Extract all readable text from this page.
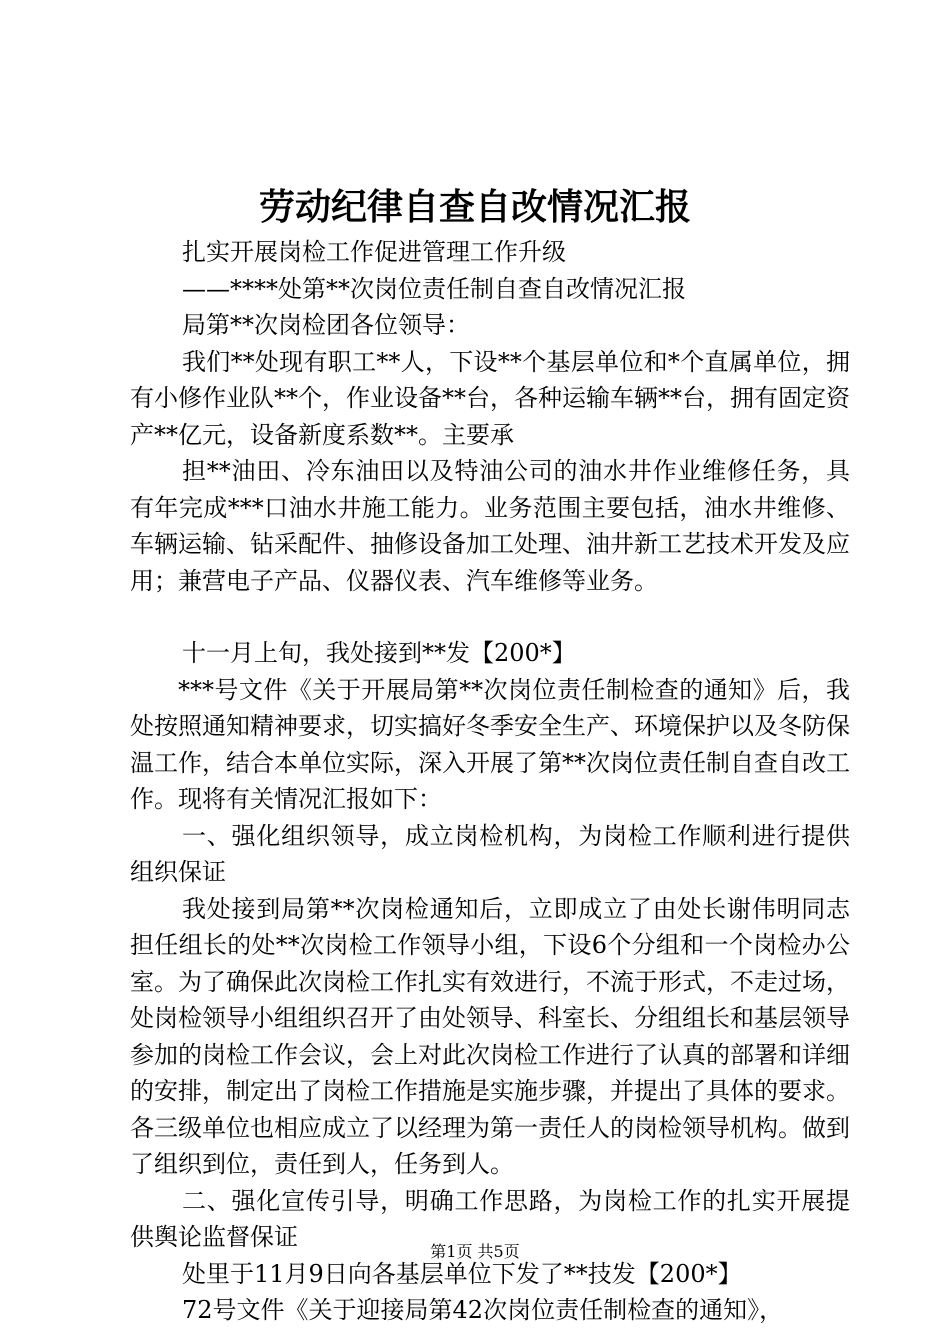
劳动纪律自查自改情况汇报

扎实开展岗检工作促进管理工作升级

——****处第**次岗位责任制自查自改情况汇报

局第**次岗检团各位领导：

我们**处现有职工**人，下设**个基层单位和*个直属单位，拥有小修作业队**个，作业设备**台，各种运输车辆**台，拥有固定资产**亿元，设备新度系数**。主要承

担**油田、冷东油田以及特油公司的油水井作业维修任务，具有年完成***口油水井施工能力。业务范围主要包括，油水井维修、车辆运输、钻采配件、抽修设备加工处理、油井新工艺技术开发及应用；兼营电子产品、仪器仪表、汽车维修等业务。

十一月上旬，我处接到**发【200*】

***号文件《关于开展局第**次岗位责任制检查的通知》后，我处按照通知精神要求，切实搞好冬季安全生产、环境保护以及冬防保温工作，结合本单位实际，深入开展了第**次岗位责任制自查自改工作。现将有关情况汇报如下：

一、强化组织领导，成立岗检机构，为岗检工作顺利进行提供组织保证

我处接到局第**次岗检通知后，立即成立了由处长谢伟明同志担任组长的处**次岗检工作领导小组，下设6个分组和一个岗检办公室。为了确保此次岗检工作扎实有效进行，不流于形式，不走过场，处岗检领导小组组织召开了由处领导、科室长、分组组长和基层领导参加的岗检工作会议，会上对此次岗检工作进行了认真的部署和详细的安排，制定出了岗检工作措施是实施步骤，并提出了具体的要求。各三级单位也相应成立了以经理为第一责任人的岗检领导机构。做到了组织到位，责任到人，任务到人。

二、强化宣传引导，明确工作思路，为岗检工作的扎实开展提供舆论监督保证

处里于11月9日向各基层单位下发了**技发【200*】

72号文件《关于迎接局第42次岗位责任制检查的通知》，

第1页 共5页
